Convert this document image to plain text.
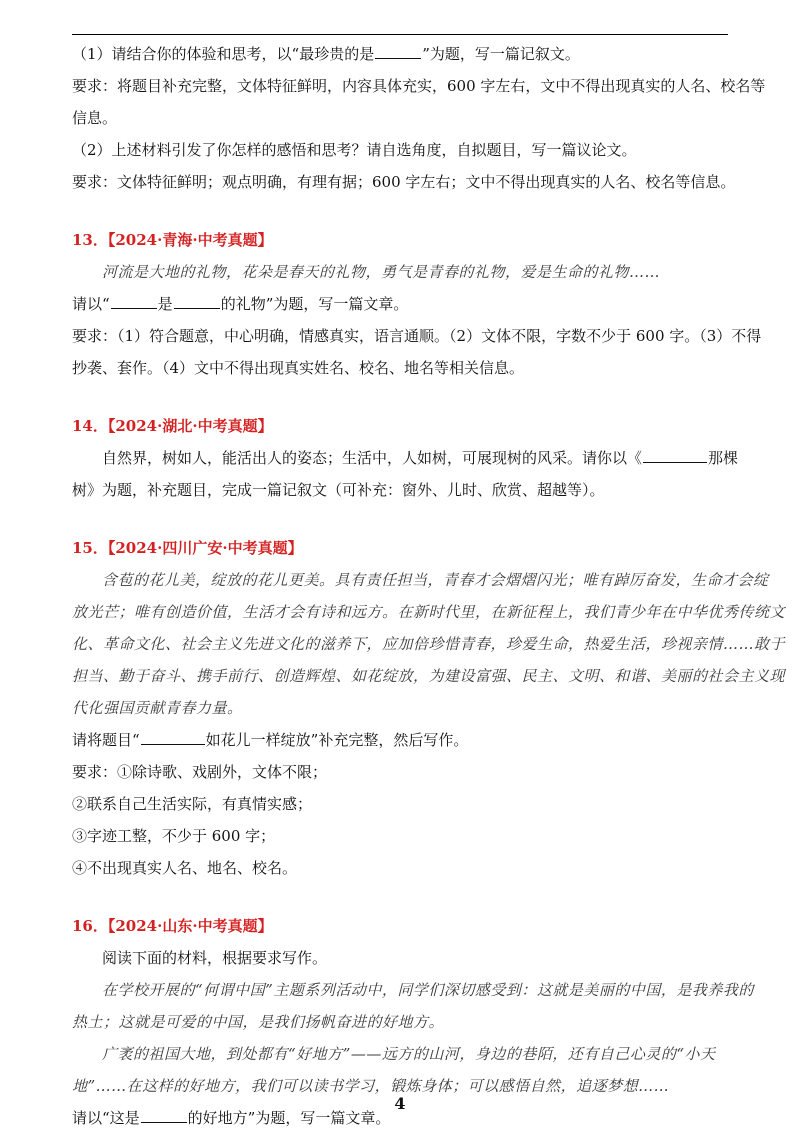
（1）请结合你的体验和思考，以“最珍贵的是	”为题，写一篇记叙文。
要求：将题目补充完整，文体特征鲜明，内容具体充实，600 字左右，文中不得出现真实的人名、校名等
信息。
（2）上述材料引发了你怎样的感悟和思考？请自选角度，自拟题目，写一篇议论文。
要求：文体特征鲜明；观点明确，有理有据；600 字左右；文中不得出现真实的人名、校名等信息。
13．【2024·青海·中考真题】
河流是大地的礼物，花朵是春天的礼物，勇气是青春的礼物，爱是生命的礼物……
请以“	是	的礼物”为题，写一篇文章。
要求：（1）符合题意，中心明确，情感真实，语言通顺。（2）文体不限，字数不少于 600 字。（3）不得
抄袭、套作。（4）文中不得出现真实姓名、校名、地名等相关信息。
14．【2024·湖北·中考真题】
自然界，树如人，能活出人的姿态；生活中，人如树，可展现树的风采。请你以《	那棵
树》为题，补充题目，完成一篇记叙文（可补充：窗外、儿时、欣赏、超越等）。
15．【2024·四川广安·中考真题】
含苞的花儿美，绽放的花儿更美。具有责任担当，青春才会熠熠闪光；唯有踔厉奋发，生命才会绽
放光芒；唯有创造价值，生活才会有诗和远方。在新时代里，在新征程上，我们青少年在中华优秀传统文
化、革命文化、社会主义先进文化的滋养下，应加倍珍惜青春，珍爱生命，热爱生活，珍视亲情……敢于
担当、勤于奋斗、携手前行、创造辉煌、如花绽放，为建设富强、民主、文明、和谐、美丽的社会主义现
代化强国贡献青春力量。
请将题目“	如花儿一样绽放”补充完整，然后写作。
要求：①除诗歌、戏剧外，文体不限；
②联系自己生活实际，有真情实感；
③字迹工整，不少于 600 字；
④不出现真实人名、地名、校名。
16．【2024·山东·中考真题】
阅读下面的材料，根据要求写作。
在学校开展的“何谓中国”主题系列活动中，同学们深切感受到：这就是美丽的中国，是我养我的
热土；这就是可爱的中国，是我们扬帆奋进的好地方。
广袤的祖国大地，到处都有“好地方”——远方的山河，身边的巷陌，还有自己心灵的“小天
地”……在这样的好地方，我们可以读书学习，锻炼身体；可以感悟自然，追逐梦想……
请以“这是	的好地方”为题，写一篇文章。
4
